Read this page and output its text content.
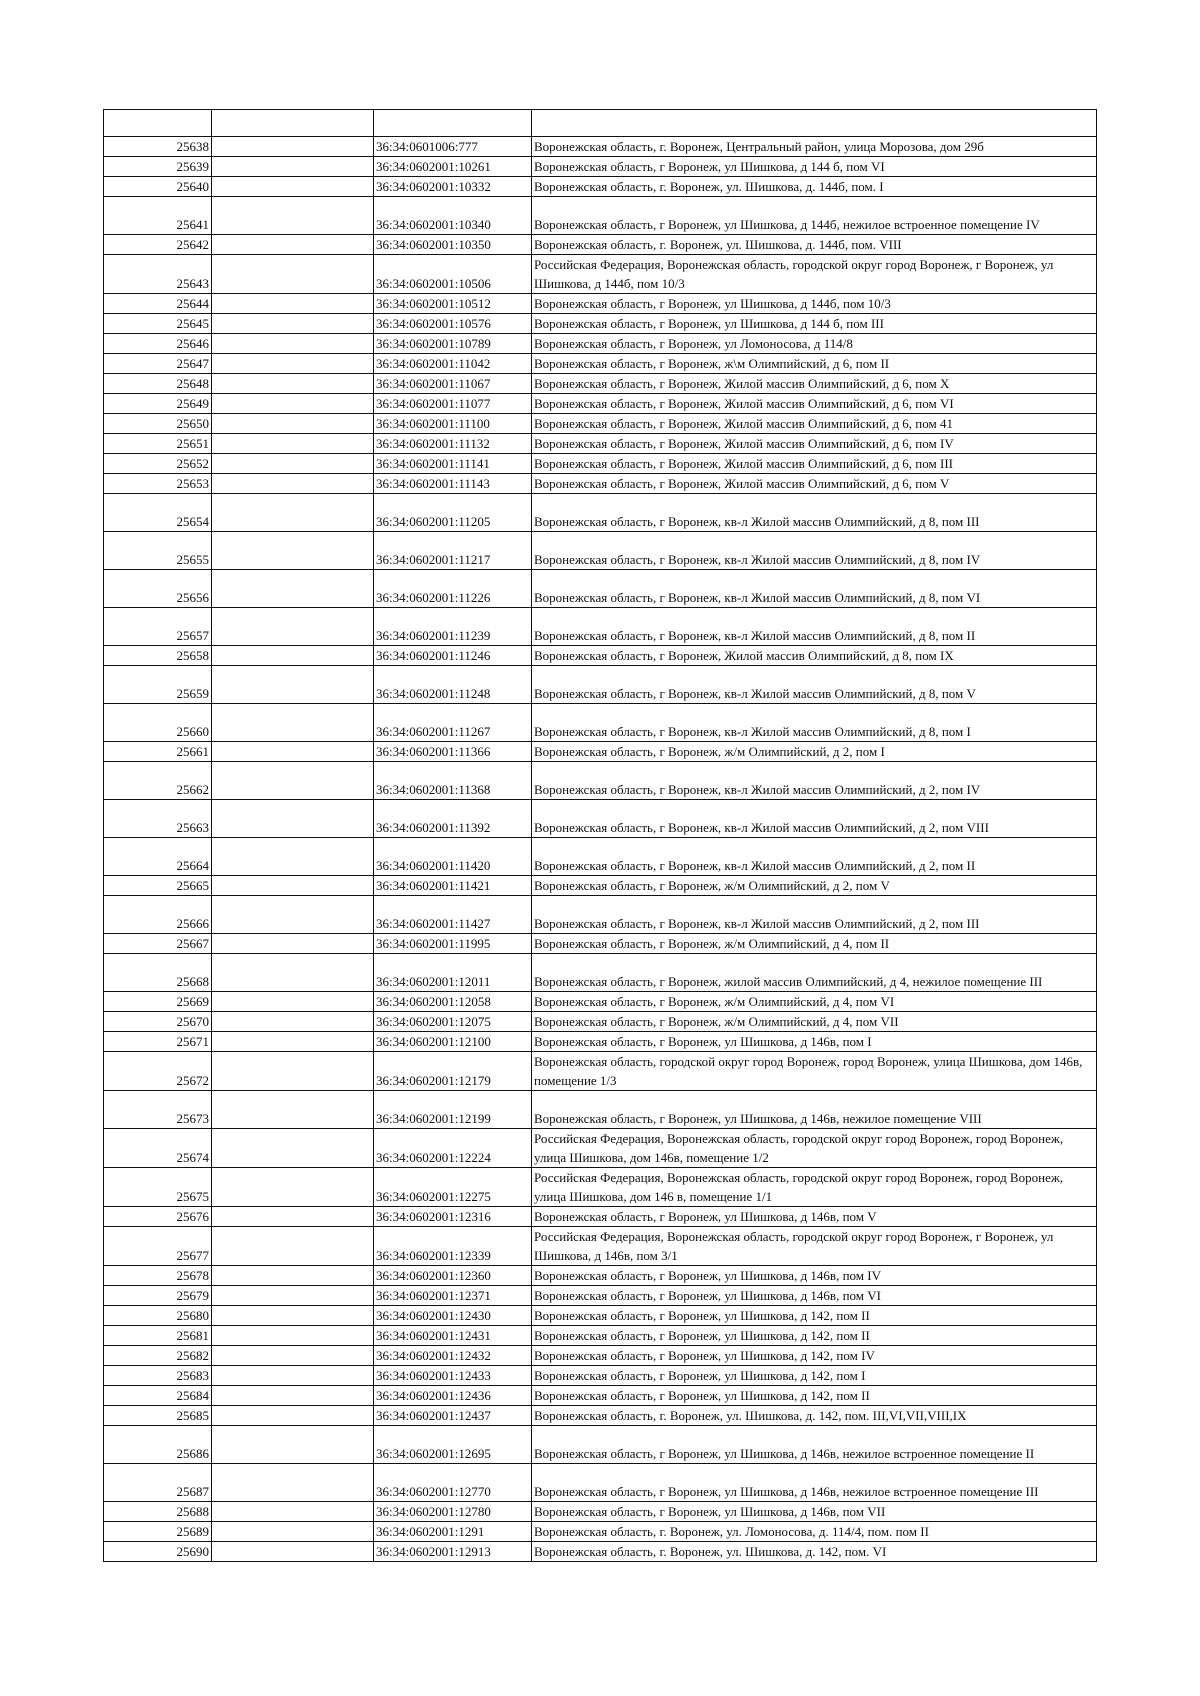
25638		36:34:0601006:777	Воронежская область, г. Воронеж, Центральный район, улица Морозова, дом 29б
25639		36:34:0602001:10261	Воронежская область, г Воронеж, ул Шишкова, д 144 б, пом VI
25640		36:34:0602001:10332	Воронежская область, г. Воронеж, ул. Шишкова, д. 144б, пом. I
25641		36:34:0602001:10340	Воронежская область, г Воронеж, ул Шишкова, д 144б, нежилое встроенное помещение IV
25642		36:34:0602001:10350	Воронежская область, г. Воронеж, ул. Шишкова, д. 144б, пом. VIII
25643		36:34:0602001:10506	Российская Федерация, Воронежская область, городской округ город Воронеж, г Воронеж, ул Шишкова, д 144б, пом 10/3
25644		36:34:0602001:10512	Воронежская область, г Воронеж, ул Шишкова, д 144б, пом 10/3
25645		36:34:0602001:10576	Воронежская область, г Воронеж, ул Шишкова, д 144 б, пом III
25646		36:34:0602001:10789	Воронежская область, г Воронеж, ул Ломоносова, д 114/8
25647		36:34:0602001:11042	Воронежская область, г Воронеж, ж\м Олимпийский, д 6, пом II
25648		36:34:0602001:11067	Воронежская область, г Воронеж, Жилой массив Олимпийский, д 6, пом X
25649		36:34:0602001:11077	Воронежская область, г Воронеж, Жилой массив Олимпийский, д 6, пом VI
25650		36:34:0602001:11100	Воронежская область, г Воронеж, Жилой массив Олимпийский, д 6, пом 41
25651		36:34:0602001:11132	Воронежская область, г Воронеж, Жилой массив Олимпийский, д 6, пом IV
25652		36:34:0602001:11141	Воронежская область, г Воронеж, Жилой массив Олимпийский, д 6, пом III
25653		36:34:0602001:11143	Воронежская область, г Воронеж, Жилой массив Олимпийский, д 6, пом V
25654		36:34:0602001:11205	Воронежская область, г Воронеж, кв-л Жилой массив Олимпийский, д 8, пом III
25655		36:34:0602001:11217	Воронежская область, г Воронеж, кв-л Жилой массив Олимпийский, д 8, пом IV
25656		36:34:0602001:11226	Воронежская область, г Воронеж, кв-л Жилой массив Олимпийский, д 8, пом VI
25657		36:34:0602001:11239	Воронежская область, г Воронеж, кв-л Жилой массив Олимпийский, д 8, пом II
25658		36:34:0602001:11246	Воронежская область, г Воронеж, Жилой массив Олимпийский, д 8, пом IX
25659		36:34:0602001:11248	Воронежская область, г Воронеж, кв-л Жилой массив Олимпийский, д 8, пом V
25660		36:34:0602001:11267	Воронежская область, г Воронеж, кв-л Жилой массив Олимпийский, д 8, пом I
25661		36:34:0602001:11366	Воронежская область, г Воронеж, ж/м Олимпийский, д 2, пом I
25662		36:34:0602001:11368	Воронежская область, г Воронеж, кв-л Жилой массив Олимпийский, д 2, пом IV
25663		36:34:0602001:11392	Воронежская область, г Воронеж, кв-л Жилой массив Олимпийский, д 2, пом VIII
25664		36:34:0602001:11420	Воронежская область, г Воронеж, кв-л Жилой массив Олимпийский, д 2, пом II
25665		36:34:0602001:11421	Воронежская область, г Воронеж, ж/м Олимпийский, д 2, пом V
25666		36:34:0602001:11427	Воронежская область, г Воронеж, кв-л Жилой массив Олимпийский, д 2, пом III
25667		36:34:0602001:11995	Воронежская область, г Воронеж, ж/м Олимпийский, д 4, пом II
25668		36:34:0602001:12011	Воронежская область, г Воронеж, жилой массив Олимпийский, д 4, нежилое помещение III
25669		36:34:0602001:12058	Воронежская область, г Воронеж, ж/м Олимпийский, д 4, пом VI
25670		36:34:0602001:12075	Воронежская область, г Воронеж, ж/м Олимпийский, д 4, пом VII
25671		36:34:0602001:12100	Воронежская область, г Воронеж, ул Шишкова, д 146в, пом I
25672		36:34:0602001:12179	Воронежская область, городской округ город Воронеж, город Воронеж, улица Шишкова, дом 146в, помещение 1/3
25673		36:34:0602001:12199	Воронежская область, г Воронеж, ул Шишкова, д 146в, нежилое помещение VIII
25674		36:34:0602001:12224	Российская Федерация, Воронежская область, городской округ город Воронеж, город Воронеж, улица Шишкова, дом 146в, помещение 1/2
25675		36:34:0602001:12275	Российская Федерация, Воронежская область, городской округ город Воронеж, город Воронеж, улица Шишкова, дом 146 в, помещение 1/1
25676		36:34:0602001:12316	Воронежская область, г Воронеж, ул Шишкова, д 146в, пом V
25677		36:34:0602001:12339	Российская Федерация, Воронежская область, городской округ город Воронеж, г Воронеж, ул Шишкова, д 146в, пом 3/1
25678		36:34:0602001:12360	Воронежская область, г Воронеж, ул Шишкова, д 146в, пом IV
25679		36:34:0602001:12371	Воронежская область, г Воронеж, ул Шишкова, д 146в, пом VI
25680		36:34:0602001:12430	Воронежская область, г Воронеж, ул Шишкова, д 142, пом II
25681		36:34:0602001:12431	Воронежская область, г Воронеж, ул Шишкова, д 142, пом II
25682		36:34:0602001:12432	Воронежская область, г Воронеж, ул Шишкова, д 142, пом IV
25683		36:34:0602001:12433	Воронежская область, г Воронеж, ул Шишкова, д 142, пом I
25684		36:34:0602001:12436	Воронежская область, г Воронеж, ул Шишкова, д 142, пом II
25685		36:34:0602001:12437	Воронежская область, г. Воронеж, ул. Шишкова, д. 142, пом. III,VI,VII,VIII,IX
25686		36:34:0602001:12695	Воронежская область, г Воронеж, ул Шишкова, д 146в, нежилое встроенное помещение II
25687		36:34:0602001:12770	Воронежская область, г Воронеж, ул Шишкова, д 146в, нежилое встроенное помещение III
25688		36:34:0602001:12780	Воронежская область, г Воронеж, ул Шишкова, д 146в, пом VII
25689		36:34:0602001:1291	Воронежская область, г. Воронеж, ул. Ломоносова, д. 114/4, пом. пом II
25690		36:34:0602001:12913	Воронежская область, г. Воронеж, ул. Шишкова, д. 142, пом. VI
